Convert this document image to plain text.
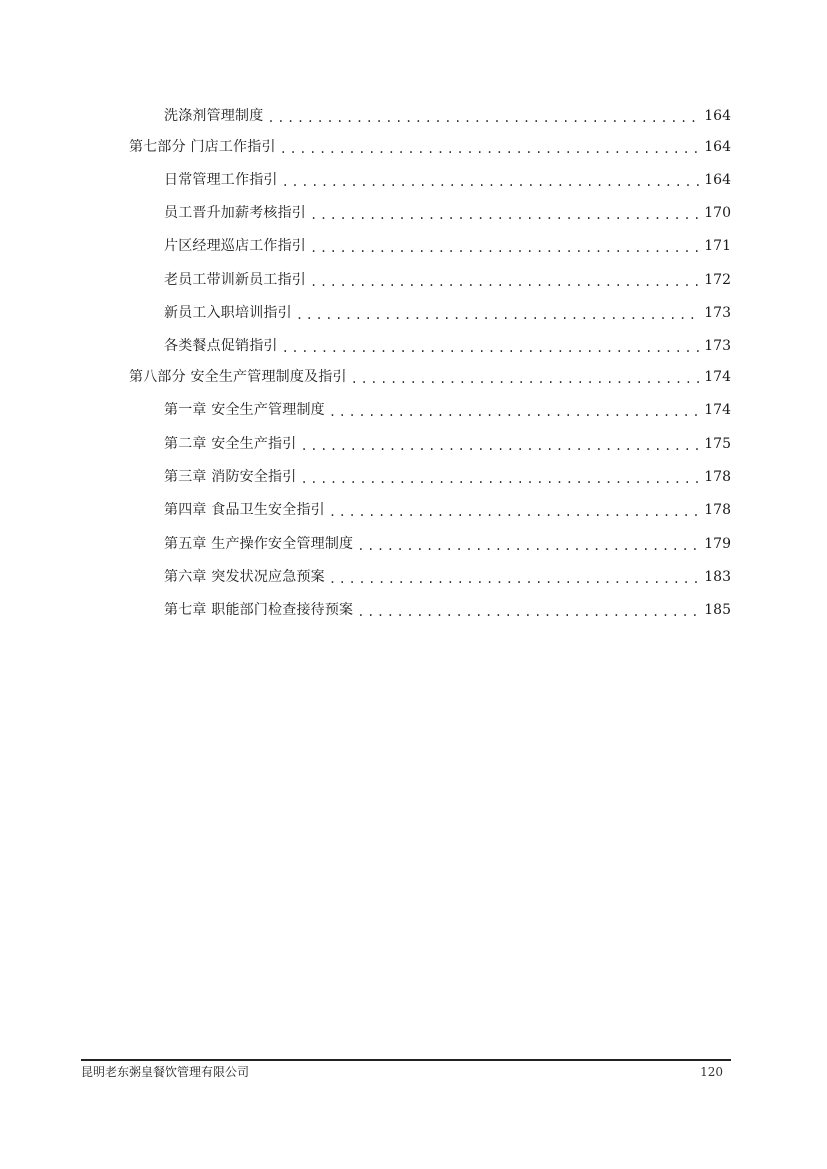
洗涤剂管理制度 .....	164
第七部分 门店工作指引 .....	164
日常管理工作指引 .....	164
员工晋升加薪考核指引 .....	170
片区经理巡店工作指引 .....	171
老员工带训新员工指引 .....	172
新员工入职培训指引 .....	173
各类餐点促销指引 .....	173
第八部分 安全生产管理制度及指引 .....	174
第一章 安全生产管理制度 .....	174
第二章 安全生产指引 .....	175
第三章 消防安全指引 .....	178
第四章 食品卫生安全指引 .....	178
第五章 生产操作安全管理制度 .....	179
第六章 突发状况应急预案 .....	183
第七章 职能部门检查接待预案 .....	185
昆明老东粥皇餐饮管理有限公司	120
